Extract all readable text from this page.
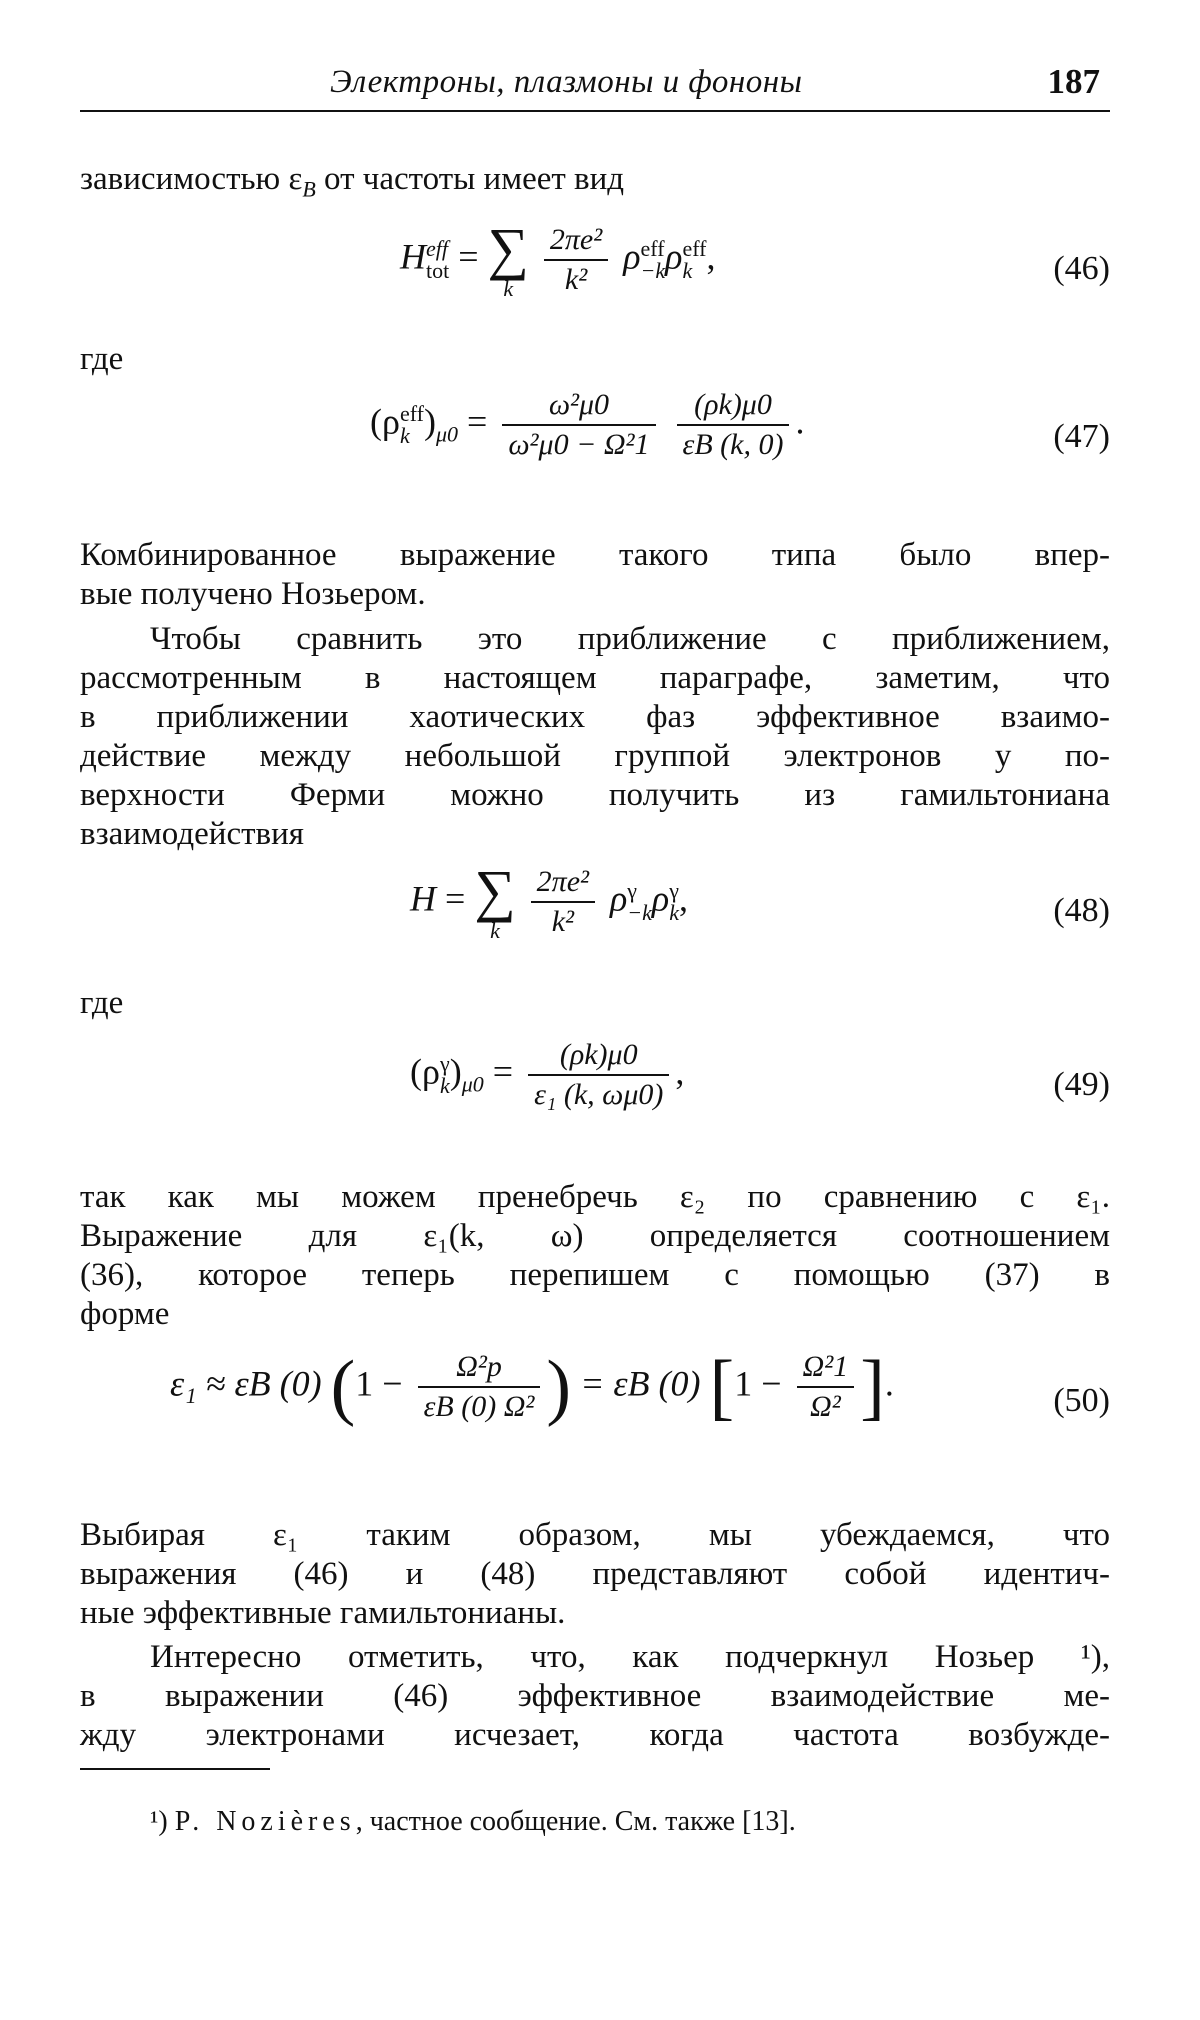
Электроны, плазмоны и фононы	187
зависимостью $\varepsilon_B$ от частоты имеет вид
H eff
tot = ∑
k
	$\frac{\text{2πe²}}{\text{k²}}$ ρ eff
−k ρ eff
k ,	(46)
где
(ρ eff
k )$_{\mu 0} = \frac{\text{ω²μ0}}{\text{ω²μ0 − Ω²1}}$
$\frac{(\rho k)\mu 0}{\varepsilon B (k, 0)}$ .	(47)
Комбинированное выражение такого типа было впер-
вые получено Нозьером.
Чтобы сравнить это приближение с приближением,
рассмотренным в настоящем параграфе, заметим, что
в приближении хаотических фаз эффективное взаимо-
действие между небольшой группой электронов у по-
верхности Ферми можно получить из гамильтониана
взаимодействия
H = ∑
k
	$\frac{\text{2πe²}}{\text{k²}}$ ρ γ
−k ρ γ
k ,	(48)
где
(ρ γ
k )$_{\mu 0} = \frac{(\rho k)\mu 0}{\text{ε₁ (k, ωμ0)}}$ ,	(49)
так как мы можем пренебречь ε₂ по сравнению с ε₁.
Выражение для ε₁(k, ω) определяется соотношением
(36), которое теперь перепишем с помощью (37) в
форме
ε₁ ≈ εB (0) ($1 - \frac{\text{Ω²p}}{\text{εB (0) Ω²}}$ ) = εB (0) [$1 - \frac{\text{Ω²1}}{\text{Ω²}}$ ].	(50)
Выбирая ε₁ таким образом, мы убеждаемся, что
выражения (46) и (48) представляют собой идентич-
ные эффективные гамильтонианы.
Интересно отметить, что, как подчеркнул Нозьер ¹),
в выражении (46) эффективное взаимодействие ме-
жду электронами исчезает, когда частота возбужде-
¹) P. Nozières, частное сообщение. См. также [13].
